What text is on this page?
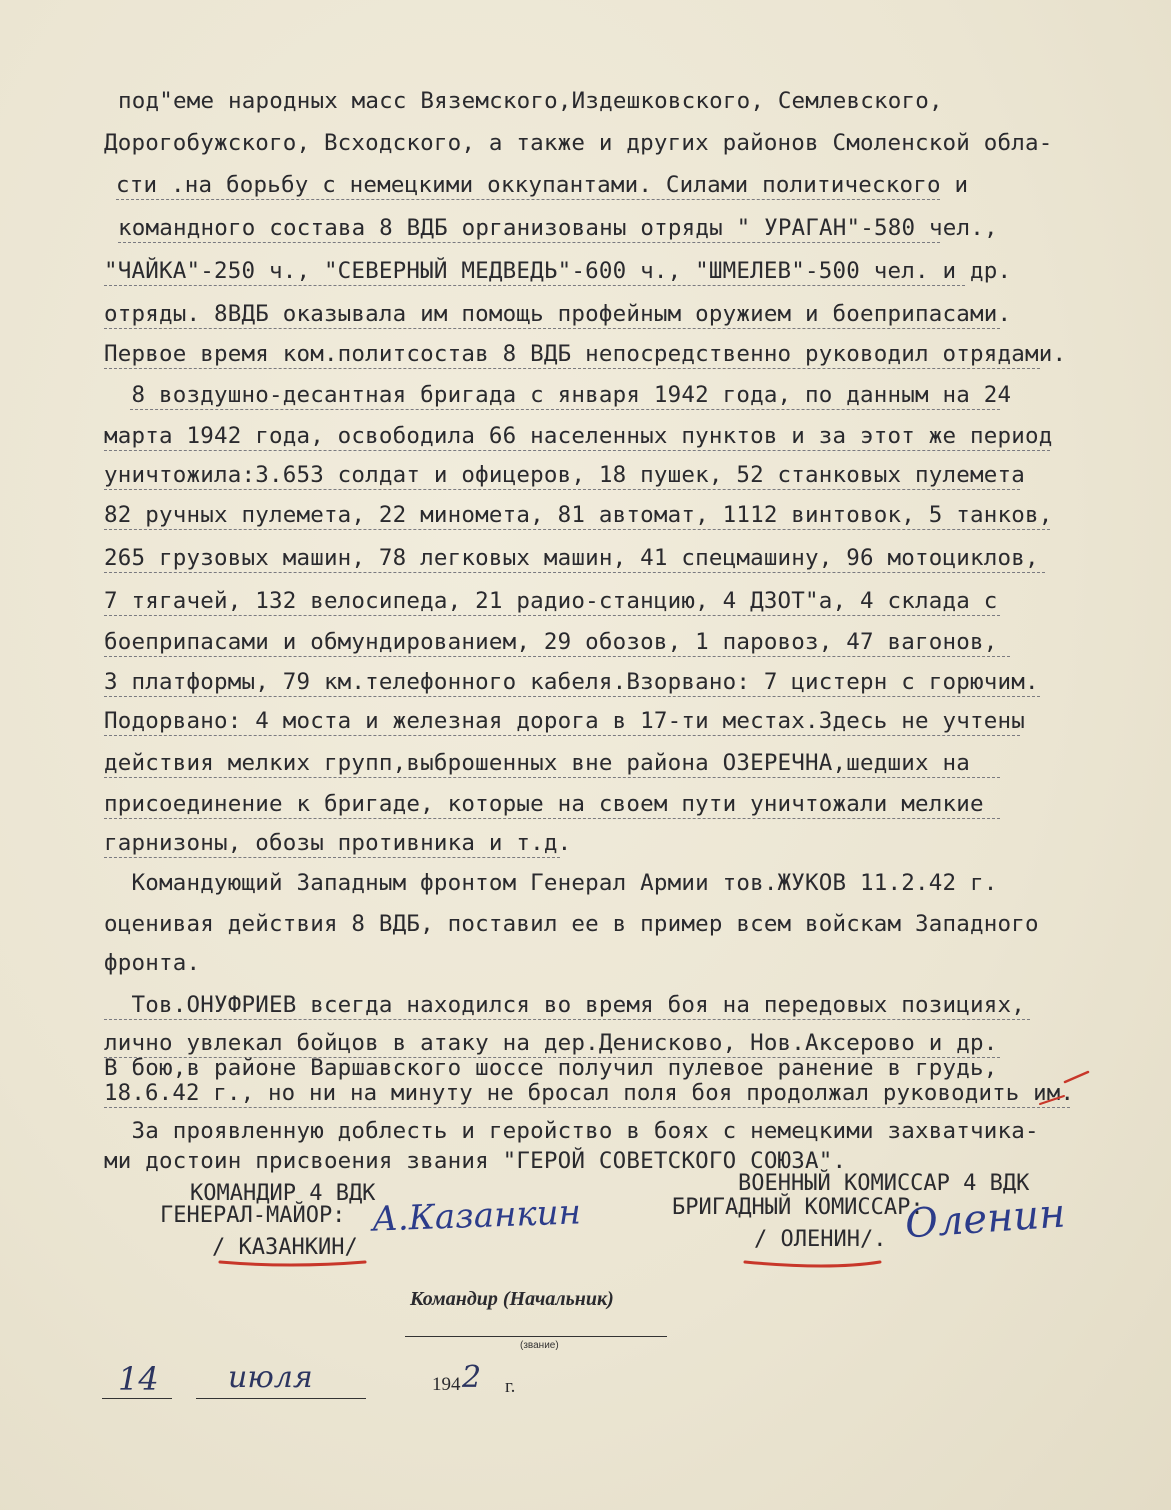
под"еме народных масс Вяземского,Издешковского, Семлевского,
Дорогобужского, Всходского, а также и других районов Смоленской обла-
сти .на борьбу с немецкими оккупантами. Силами политического и
командного состава 8 ВДБ организованы отряды " УРАГАН"-580 чел.,
"ЧАЙКА"-250 ч., "СЕВЕРНЫЙ МЕДВЕДЬ"-600 ч., "ШМЕЛЕВ"-500 чел. и др.
отряды. 8ВДБ оказывала им помощь профейным оружием и боеприпасами.
Первое время ком.политсостав 8 ВДБ непосредственно руководил отрядами.
8 воздушно-десантная бригада с января 1942 года, по данным на 24
марта 1942 года, освободила 66 населенных пунктов и за этот же период
уничтожила:3.653 солдат и офицеров, 18 пушек, 52 станковых пулемета
82 ручных пулемета, 22 миномета, 81 автомат, 1112 винтовок, 5 танков,
265 грузовых машин, 78 легковых машин, 41 спецмашину, 96 мотоциклов,
7 тягачей, 132 велосипеда, 21 радио-станцию, 4 ДЗОТ"а, 4 склада с
боеприпасами и обмундированием, 29 обозов, 1 паровоз, 47 вагонов,
3 платформы, 79 км.телефонного кабеля.Взорвано: 7 цистерн с горючим.
Подорвано: 4 моста и железная дорога в 17-ти местах.Здесь не учтены
действия мелких групп,выброшенных вне района ОЗЕРЕЧНА,шедших на
присоединение к бригаде, которые на своем пути уничтожали мелкие
гарнизоны, обозы противника и т.д.
Командующий Западным фронтом Генерал Армии тов.ЖУКОВ 11.2.42 г.
оценивая действия 8 ВДБ, поставил ее в пример всем войскам Западного
фронта.
Тов.ОНУФРИЕВ всегда находился во время боя на передовых позициях,
лично увлекал бойцов в атаку на дер.Денисково, Нов.Аксерово и др.
В бою,в районе Варшавского шоссе получил пулевое ранение в грудь,
18.6.42 г., но ни на минуту не бросал поля боя продолжал руководить им.
За проявленную доблесть и геройство в боях с немецкими захватчика-
ми достоин присвоения звания "ГЕРОЙ СОВЕТСКОГО СОЮЗА".
КОМАНДИР 4 ВДК
ГЕНЕРАЛ-МАЙОР:
/ КАЗАНКИН/
А.Казанкин
ВОЕННЫЙ КОМИССАР 4 ВДК
БРИГАДНЫЙ КОМИССАР:
/ ОЛЕНИН/. Оленин
Командир (Начальник)
(звание)
14 июля	194 2 г.
